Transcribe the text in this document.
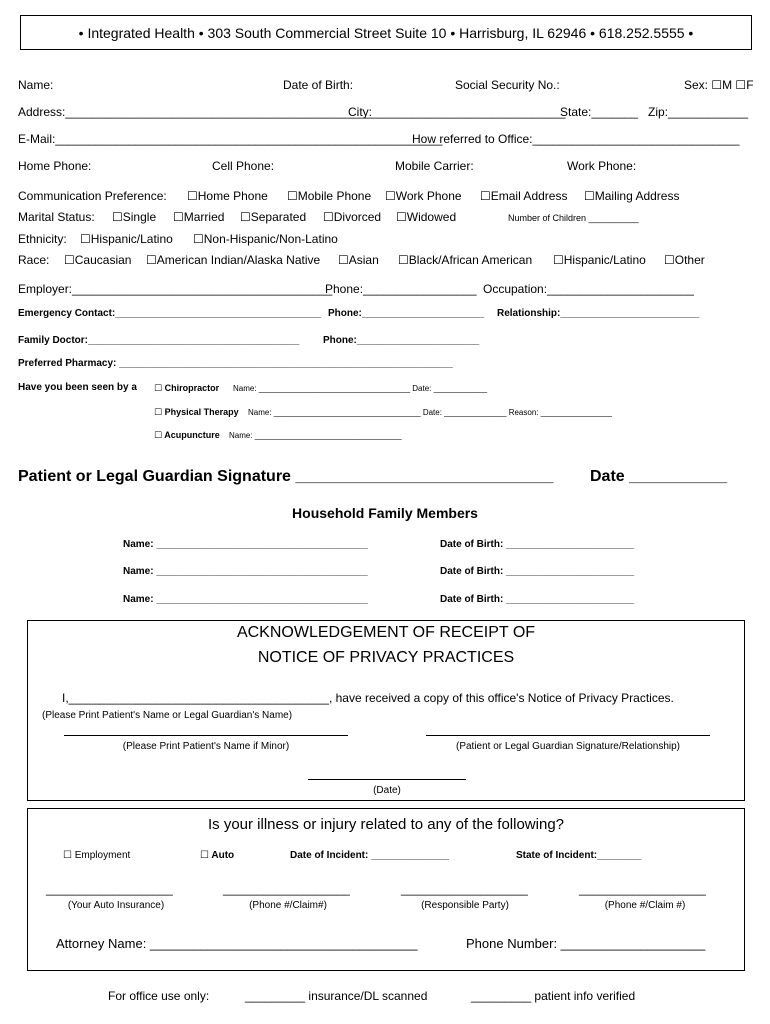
• Integrated Health • 303 South Commercial Street Suite 10 • Harrisburg, IL 62946 • 618.252.5555 •
Name:	Date of Birth:	Social Security No.:	Sex: ☐M ☐F
Address:______________________________________________
City:_____________________________
State:_______ Zip:____________
E-Mail:__________________________________________________________
How referred to Office:_______________________________
Home Phone:	Cell Phone:	Mobile Carrier:	Work Phone:
Communication Preference: ☐Home Phone ☐Mobile Phone ☐Work Phone ☐Email Address ☐Mailing Address
Marital Status: ☐Single ☐Married ☐Separated ☐Divorced ☐Widowed	Number of Children __________
Ethnicity: ☐Hispanic/Latino ☐Non-Hispanic/Non-Latino
Race: ☐Caucasian ☐American Indian/Alaska Native ☐Asian ☐Black/African American ☐Hispanic/Latino ☐Other
Employer:_______________________________________
Phone:_________________ Occupation:______________________
Emergency Contact:_____________________________________ Phone:______________________ Relationship:_________________________
Family Doctor:______________________________________ Phone:______________________
Preferred Pharmacy: ____________________________________________________________
Have you been seen by a ☐ Chiropractor Name: __________________________________ Date: ____________
☐ Physical Therapy Name: _________________________________ Date: ______________ Reason: ________________
☐ Acupuncture Name: _________________________________
Patient or Legal Guardian Signature _____________________________ Date ___________
Household Family Members
Name: ______________________________________	Date of Birth: _______________________
Name: ______________________________________	Date of Birth: _______________________
Name: ______________________________________	Date of Birth: _______________________
ACKNOWLEDGEMENT OF RECEIPT OF
NOTICE OF PRIVACY PRACTICES
I,_______________________________________, have received a copy of this office's Notice of Privacy Practices.
(Please Print Patient's Name or Legal Guardian's Name)
(Please Print Patient's Name if Minor)	(Patient or Legal Guardian Signature/Relationship)
(Date)
Is your illness or injury related to any of the following?
☐ Employment	☐ Auto	Date of Incident: ______________	State of Incident:________
___________________	___________________	___________________	___________________
(Your Auto Insurance)	(Phone #/Claim#)	(Responsible Party)	(Phone #/Claim #)
Attorney Name: _____________________________________	Phone Number: ____________________
For office use only:	_________ insurance/DL scanned	_________ patient info verified
